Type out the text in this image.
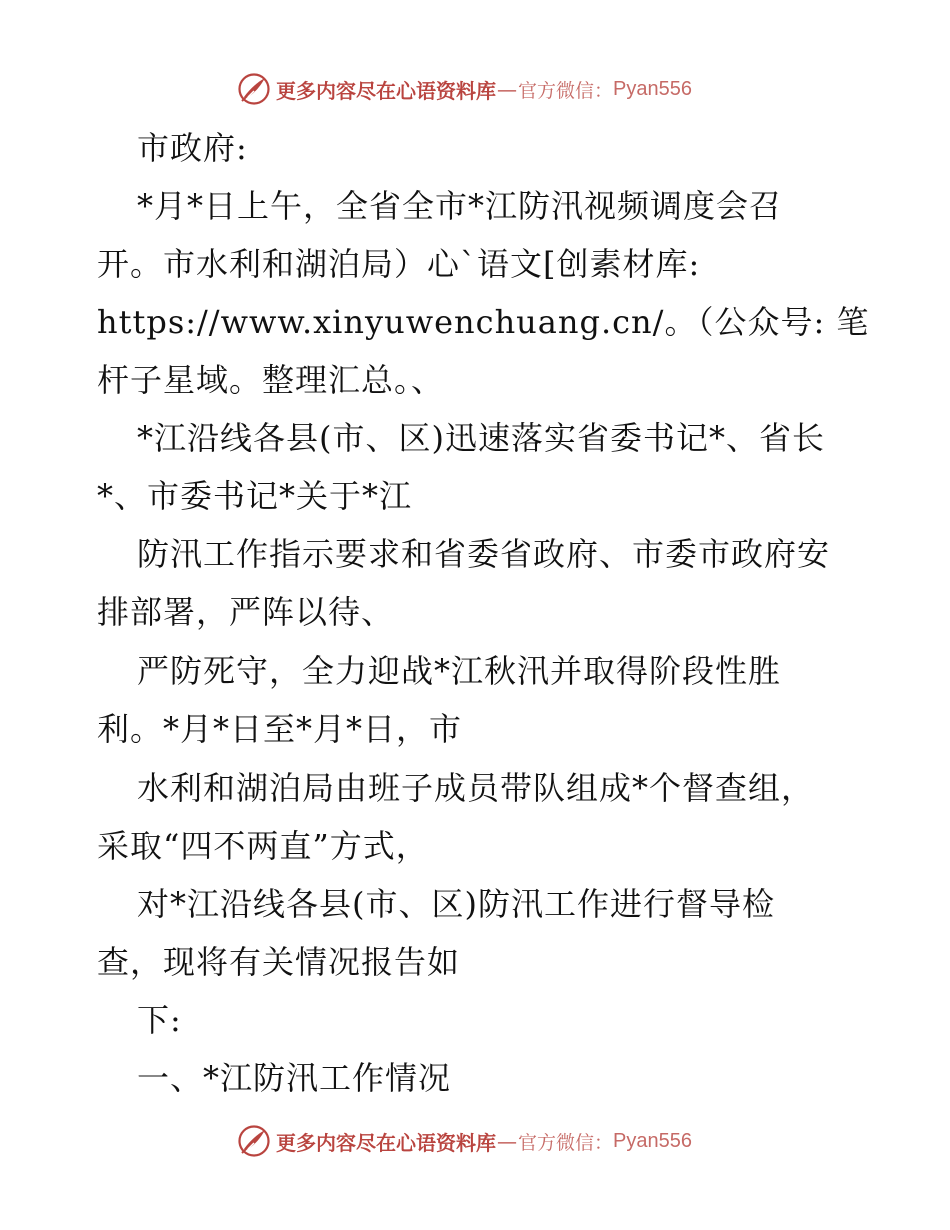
更多内容尽在心语资料库 — 官方微信： Pyan556
市政府:
*月*日上午，全省全市*江防汛视频调度会召
开。市水利和湖泊局）心`语文[创素材库:
https://www.xinyuwenchuang.cn/。（公众号: 笔
杆子星域。整理汇总。、
*江沿线各县(市、区)迅速落实省委书记*、省长
*、市委书记*关于*江
防汛工作指示要求和省委省政府、市委市政府安
排部署，严阵以待、
严防死守，全力迎战*江秋汛并取得阶段性胜
利。*月*日至*月*日，市
水利和湖泊局由班子成员带队组成*个督查组，
采取“四不两直”方式，
对*江沿线各县(市、区)防汛工作进行督导检
查，现将有关情况报告如
下:
一、*江防汛工作情况
更多内容尽在心语资料库 — 官方微信： Pyan556
